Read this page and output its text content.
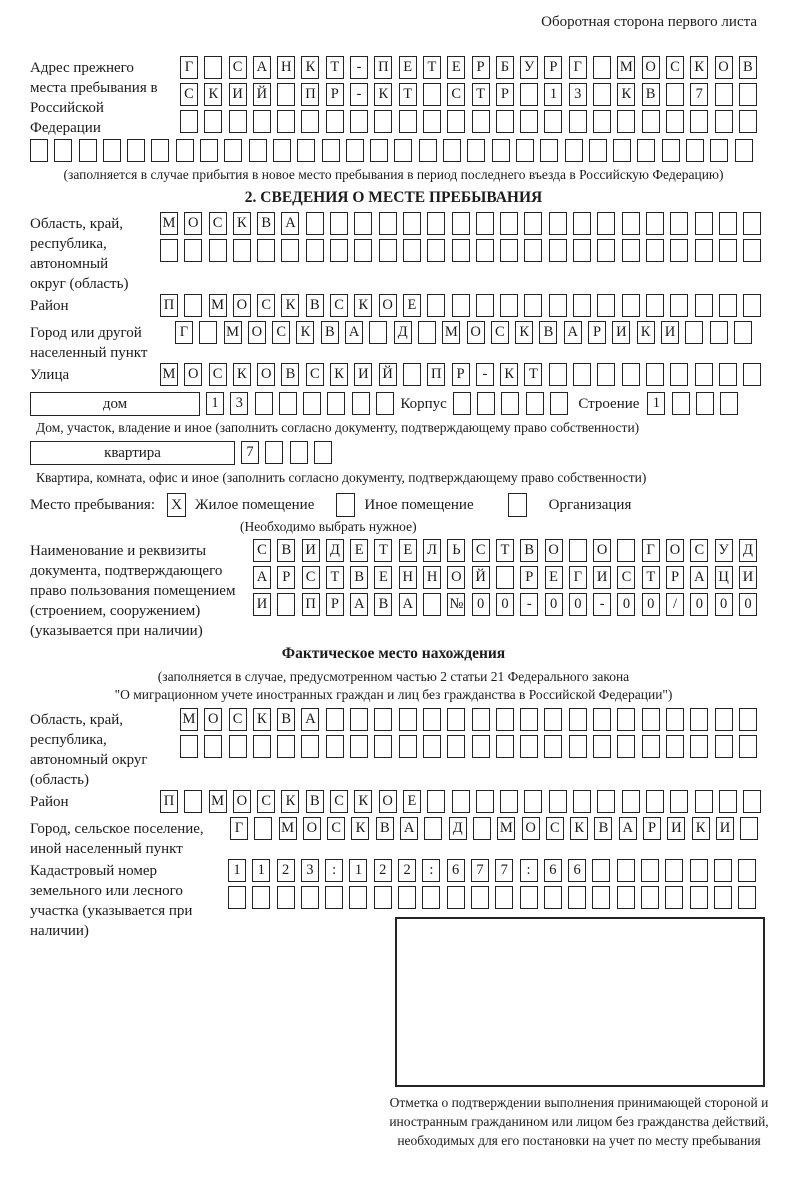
Оборотная сторона первого листа
Адрес прежнего места пребывания в Российской Федерации
Г	С А Н К	Т	-	П	Е	Т	Е	Р	Б	У	Р	Г	М О С К О В
С К И Й	П	Р	-	К	Т	С	Т	Р	1	3	К В	7
(заполняется в случае прибытия в новое место пребывания в период последнего въезда в Российскую Федерацию)
2. СВЕДЕНИЯ О МЕСТЕ ПРЕБЫВАНИЯ
Область, край, республика, автономный округ (область)
М О С К В А
Район	П	М О С К В С К О	Е
Город или другой населенный пункт
Г	М О С К В А	Д	М О С К В А	Р	И К И
Улица	М О С К О В С К И Й	П	Р	-	К	Т
дом	1	3	Корпус	Строение 1
Дом, участок, владение и иное (заполнить согласно документу, подтверждающему право собственности)
квартира	7
Квартира, комната, офис и иное (заполнить согласно документу, подтверждающему право собственности)
Место пребывания: X Жилое помещение	Иное помещение	Организация
(Необходимо выбрать нужное)
Наименование и реквизиты документа, подтверждающего право пользования помещением (строением, сооружением) (указывается при наличии)
С В И Д	Е	Т	Е	Л	Ь	С	Т	В О	О	Г	О С У Д
А	Р	С	Т	В	Е	Н Н О Й	Р	Е	Г	И С	Т	Р	А Ц И
И	П	Р	А В А	№ 0	0	-	0	0	-	0	0	/	0	0	0
Фактическое место нахождения
(заполняется в случае, предусмотренном частью 2 статьи 21 Федерального закона
"О миграционном учете иностранных граждан и лиц без гражданства в Российской Федерации")
Область, край, республика, автономный округ (область)
М О С К В А
Район	П	М О С К В С К О	Е
Город, сельское поселение, иной населенный пункт
Г	М О С К В А	Д	М О С К В А	Р	И К И
Кадастровый номер земельного или лесного участка (указывается при наличии)
1	1	2	3	:	1	2	2	:	6	7	7	:	6	6
Отметка о подтверждении выполнения принимающей стороной и иностранным гражданином или лицом без гражданства действий, необходимых для его постановки на учет по месту пребывания
